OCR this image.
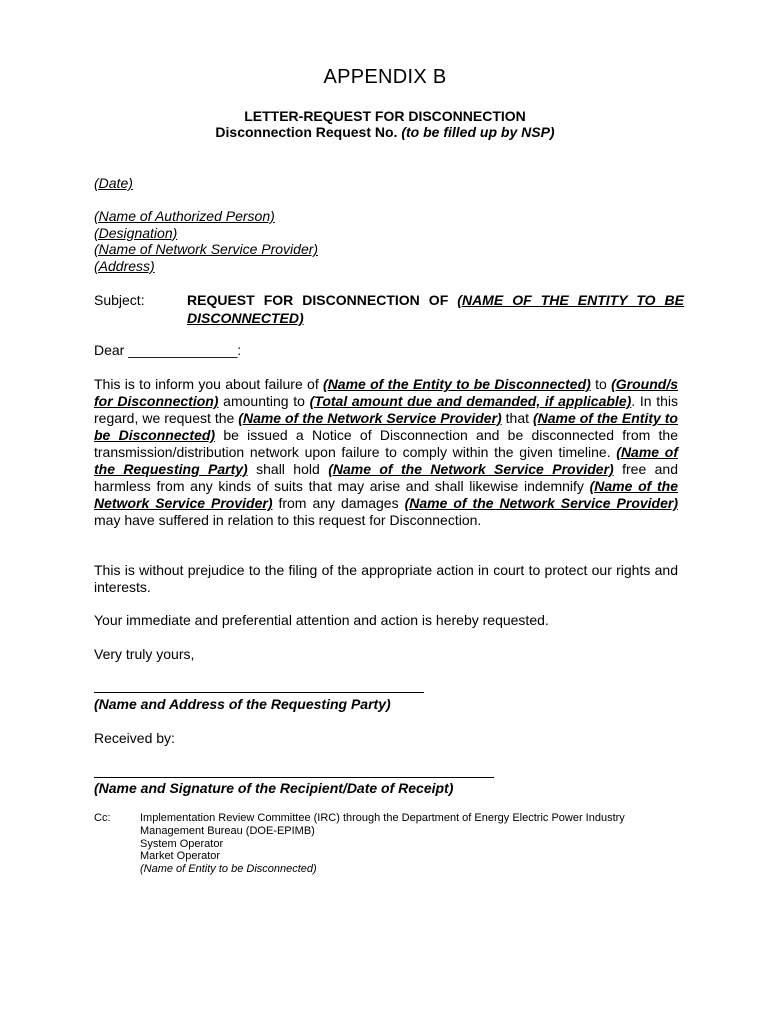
APPENDIX B
LETTER-REQUEST FOR DISCONNECTION
Disconnection Request No. (to be filled up by NSP)
(Date)
(Name of Authorized Person)
(Designation)
(Name of Network Service Provider)
(Address)
Subject:	REQUEST FOR DISCONNECTION OF (NAME OF THE ENTITY TO BE DISCONNECTED)
Dear ______________:
This is to inform you about failure of (Name of the Entity to be Disconnected) to (Ground/s for Disconnection) amounting to (Total amount due and demanded, if applicable). In this regard, we request the (Name of the Network Service Provider) that (Name of the Entity to be Disconnected) be issued a Notice of Disconnection and be disconnected from the transmission/distribution network upon failure to comply within the given timeline. (Name of the Requesting Party) shall hold (Name of the Network Service Provider) free and harmless from any kinds of suits that may arise and shall likewise indemnify (Name of the Network Service Provider) from any damages (Name of the Network Service Provider) may have suffered in relation to this request for Disconnection.
This is without prejudice to the filing of the appropriate action in court to protect our rights and interests.
Your immediate and preferential attention and action is hereby requested.
Very truly yours,
(Name and Address of the Requesting Party)
Received by:
(Name and Signature of the Recipient/Date of Receipt)
Cc:	Implementation Review Committee (IRC) through the Department of Energy Electric Power Industry Management Bureau (DOE-EPIMB)
System Operator
Market Operator
(Name of Entity to be Disconnected)
